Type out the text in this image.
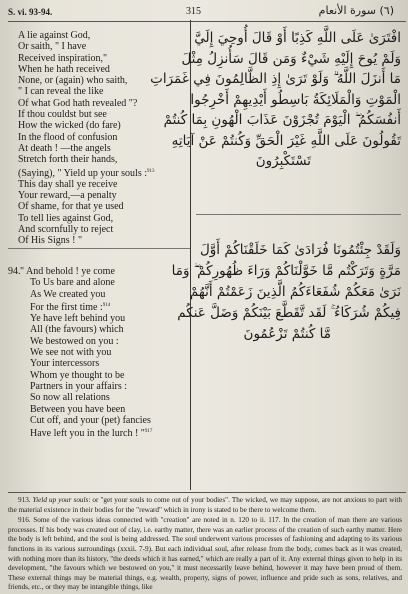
S. vi. 93-94.	315	(٦) سورة الأنعام
A lie against God,
Or saith, " I have
Received inspiration,"
When he hath received
None, or (again) who saith,
" I can reveal the like
Of what God hath revealed "?
If thou couldst but see
How the wicked (do fare)
In the flood of confusion
At death ! —the angels
Stretch forth their hands,
(Saying), " Yield up your souls :$^{913}$
This day shall ye receive
Your reward,—a penalty
Of shame, for that ye used
To tell lies against God,
And scornfully to reject
Of His Signs ! "
94." And behold ! ye come
To Us bare and alone
As We created you
For the first time :$^{914}$
Ye have left behind you
All (the favours) which
We bestowed on you :
We see not with you
Your intercessors
Whom ye thought to be
Partners in your affairs :
So now all relations
Between you have been
Cut off, and your (pet) fancies
Have left you in the lurch ! "$^{917}$
افْتَرَىٰ عَلَى اللَّهِ كَذِبًا أَوْ قَالَ أُوحِيَ إِلَيَّ
وَلَمْ يُوحَ إِلَيْهِ شَيْءٌ وَمَن قَالَ سَأُنزِلُ مِثْلَ
مَا أَنزَلَ اللَّهُ ۗ وَلَوْ تَرَىٰ إِذِ الظَّالِمُونَ فِي غَمَرَاتِ
الْمَوْتِ وَالْمَلَائِكَةُ بَاسِطُو أَيْدِيهِمْ أَخْرِجُوا
أَنفُسَكُمُ ۖ الْيَوْمَ تُجْزَوْنَ عَذَابَ الْهُونِ بِمَا كُنتُمْ
تَقُولُونَ عَلَى اللَّهِ غَيْرَ الْحَقِّ وَكُنتُمْ عَنْ آيَاتِهِ
تَسْتَكْبِرُونَ
وَلَقَدْ جِئْتُمُونَا فُرَادَىٰ كَمَا خَلَقْنَاكُمْ أَوَّلَ
مَرَّةٍ وَتَرَكْتُم مَّا خَوَّلْنَاكُمْ وَرَاءَ ظُهُورِكُمْ ۖ وَمَا
نَرَىٰ مَعَكُمْ شُفَعَاءَكُمُ الَّذِينَ زَعَمْتُمْ أَنَّهُمْ
فِيكُمْ شُرَكَاءُ ۚ لَقَد تَّقَطَّعَ بَيْنَكُمْ وَضَلَّ عَنكُم
مَّا كُنتُمْ تَزْعُمُونَ

913. Yield up your souls: or "get your souls to come out of your bodies". The wicked, we may suppose, are not anxious to part with the material existence in their bodies for the "reward" which in irony is stated to be there to welcome them.

916. Some of the various ideas connected with "creation" are noted in n. 120 to ii. 117. In the creation of man there are various processes. If his body was created out of clay, i.e. earthy matter, there was an earlier process of the creation of such earthy matter. Here the body is left behind, and the soul is being addressed. The soul underwent various processes of fashioning and adapting to its various functions in its various surroundings (xxxii. 7-9). But each individual soul, after release from the body, comes back as it was created, with nothing more than its history, "the deeds which it has earned," which are really a part of it. Any external things given to help in its development, "the favours which we bestowed on you," it must necessarily leave behind, however it may have been proud of them. These external things may be material things, e.g. wealth, property, signs of power, influence and pride such as sons, relatives, and friends, etc., or they may be intangible things, like
